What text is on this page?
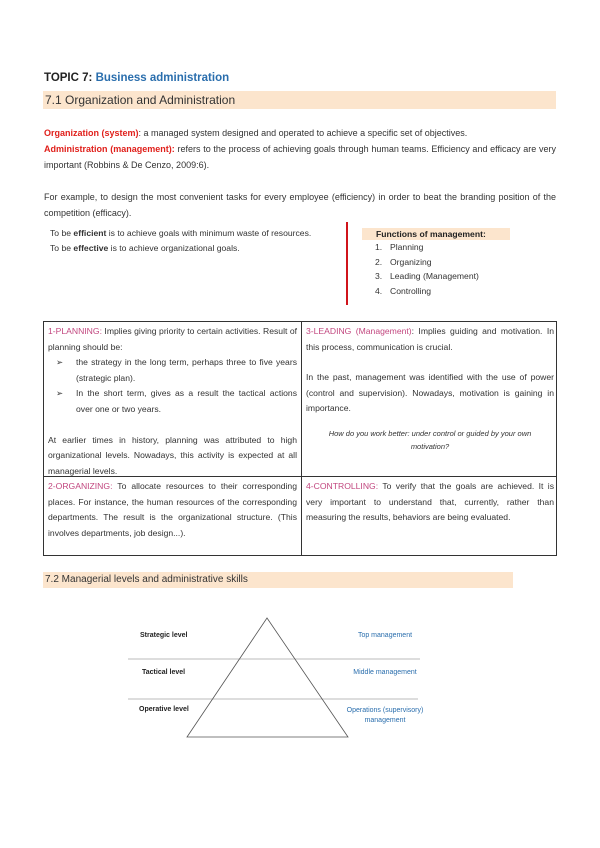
TOPIC 7: Business administration
7.1 Organization and Administration
Organization (system): a managed system designed and operated to achieve a specific set of objectives.
Administration (management): refers to the process of achieving goals through human teams. Efficiency and efficacy are very important (Robbins & De Cenzo, 2009:6).
For example, to design the most convenient tasks for every employee (efficiency) in order to beat the branding position of the competition (efficacy).
To be efficient is to achieve goals with minimum waste of resources.
To be effective is to achieve organizational goals.
Functions of management:
1. Planning
2. Organizing
3. Leading (Management)
4. Controlling
1-PLANNING: Implies giving priority to certain activities. Result of planning should be:
➢	the strategy in the long term, perhaps three to five years (strategic plan).
➢	In the short term, gives as a result the tactical actions over one or two years.
At earlier times in history, planning was attributed to high organizational levels. Nowadays, this activity is expected at all managerial levels.
3-LEADING (Management): Implies guiding and motivation. In this process, communication is crucial.
In the past, management was identified with the use of power (control and supervision). Nowadays, motivation is gaining in importance.
How do you work better: under control or guided by your own motivation?
2-ORGANIZING: To allocate resources to their corresponding places. For instance, the human resources of the corresponding departments. The result is the organizational structure. (This involves departments, job design...).
4-CONTROLLING: To verify that the goals are achieved. It is very important to understand that, currently, rather than measuring the results, behaviors are being evaluated.
7.2 Managerial levels and administrative skills
Strategic level
Tactical level
Operative level
Top management
Middle management
Operations (supervisory) management
